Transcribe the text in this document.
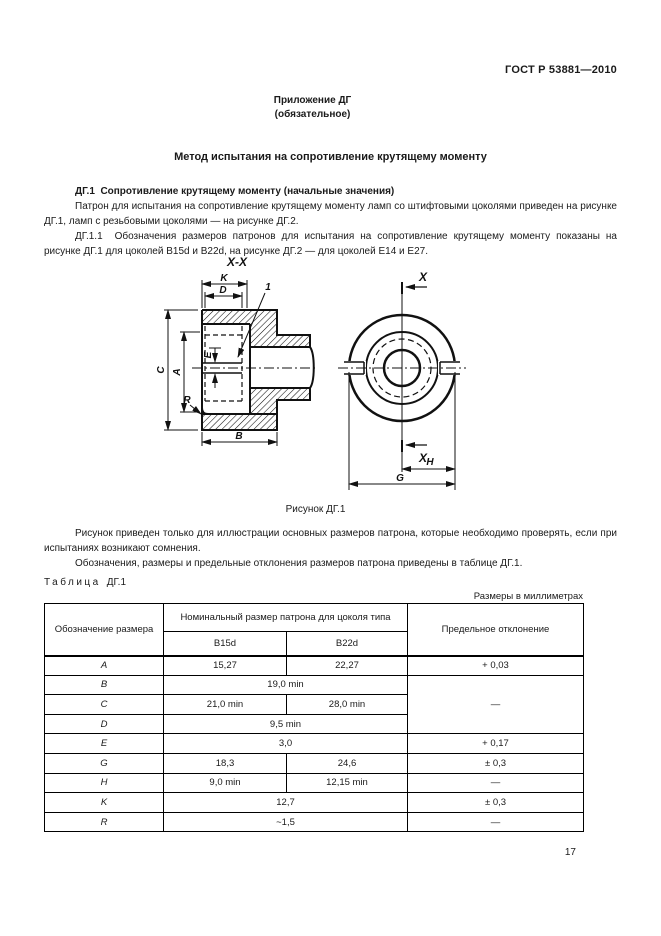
ГОСТ Р 53881—2010
Приложение ДГ
(обязательное)
Метод испытания на сопротивление крутящему моменту
ДГ.1  Сопротивление крутящему моменту (начальные значения)

Патрон для испытания на сопротивление крутящему моменту ламп со штифтовыми цоколями приведен на рисунке ДГ.1, ламп с резьбовыми цоколями — на рисунке ДГ.2.

ДГ.1.1  Обозначения размеров патронов для испытания на сопротивление крутящему моменту показаны на рисунке ДГ.1 для цоколей B15d и B22d, на рисунке ДГ.2 — для цоколей E14 и E27.

X-X
K
D
C A
E
R
B
1
X
X H
G
Рисунок ДГ.1

Рисунок приведен только для иллюстрации основных размеров патрона, которые необходимо проверять, если при испытаниях возникают сомнения.

Обозначения, размеры и предельные отклонения размеров патрона приведены в таблице ДГ.1.

Таблица ДГ.1
Размеры в миллиметрах
Обозначение размера	Номинальный размер патрона для цоколя типа		Предельное отклонение
	B15d	B22d	
A	15,27	22,27	+ 0,03
B	19,0 min		—
C	21,0 min	28,0 min	
D	9,5 min		
E	3,0		+ 0,17
G	18,3	24,6	± 0,3
H	9,0 min	12,15 min	—
K	12,7		± 0,3
R	~1,5		—
17
